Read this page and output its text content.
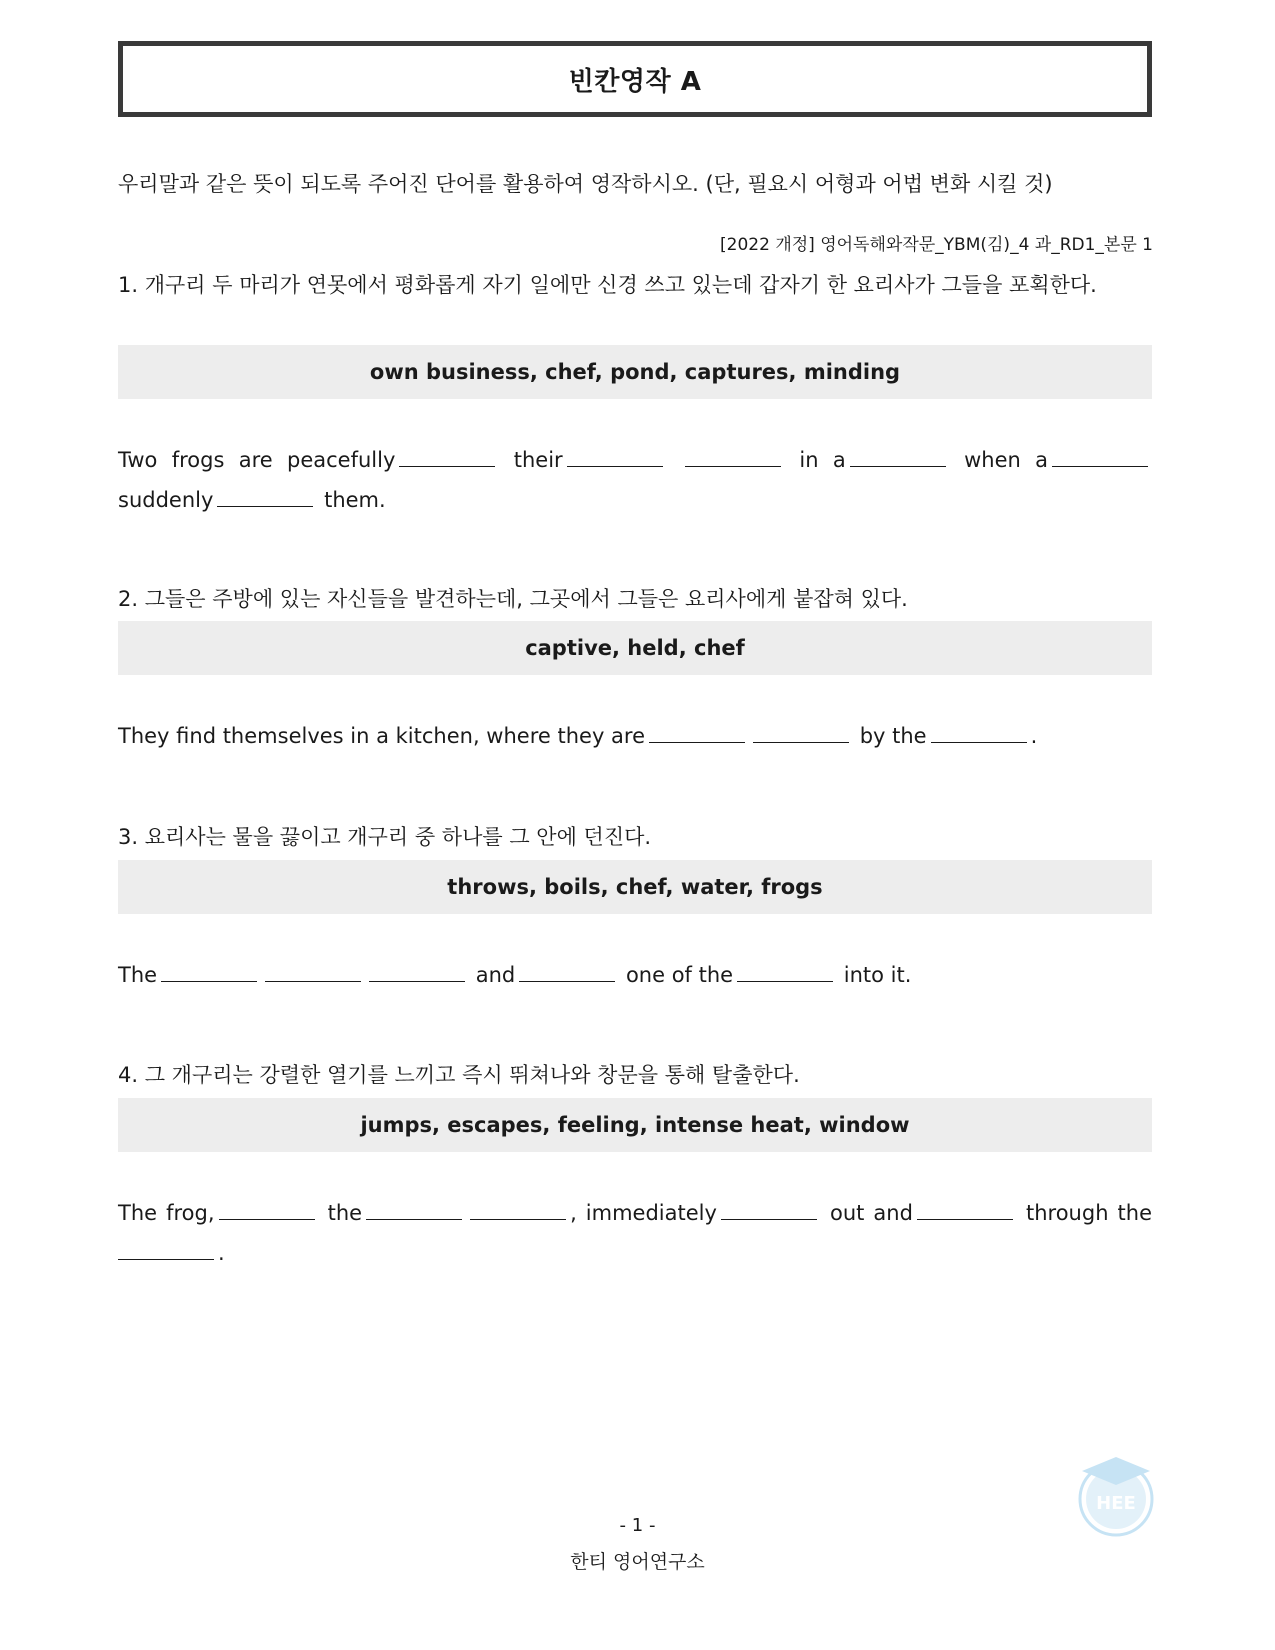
빈칸영작 A
우리말과 같은 뜻이 되도록 주어진 단어를 활용하여 영작하시오. (단, 필요시 어형과 어법 변화 시킬 것)
[2022 개정] 영어독해와작문_YBM(김)_4 과_RD1_본문 1
1. 개구리 두 마리가 연못에서 평화롭게 자기 일에만 신경 쓰고 있는데 갑자기 한 요리사가 그들을 포획한다.
own business, chef, pond, captures, minding
Two frogs are peacefully	their	in a	when a suddenly	them.
2. 그들은 주방에 있는 자신들을 발견하는데, 그곳에서 그들은 요리사에게 붙잡혀 있다.
captive, held, chef
They find themselves in a kitchen, where they are	by the	.
3. 요리사는 물을 끓이고 개구리 중 하나를 그 안에 던진다.
throws, boils, chef, water, frogs
The	and	one of the	into it.
4. 그 개구리는 강렬한 열기를 느끼고 즉시 뛰쳐나와 창문을 통해 탈출한다.
jumps, escapes, feeling, intense heat, window
The frog,	the	, immediately	out and	through the .
HEE
- 1 -
한티 영어연구소
